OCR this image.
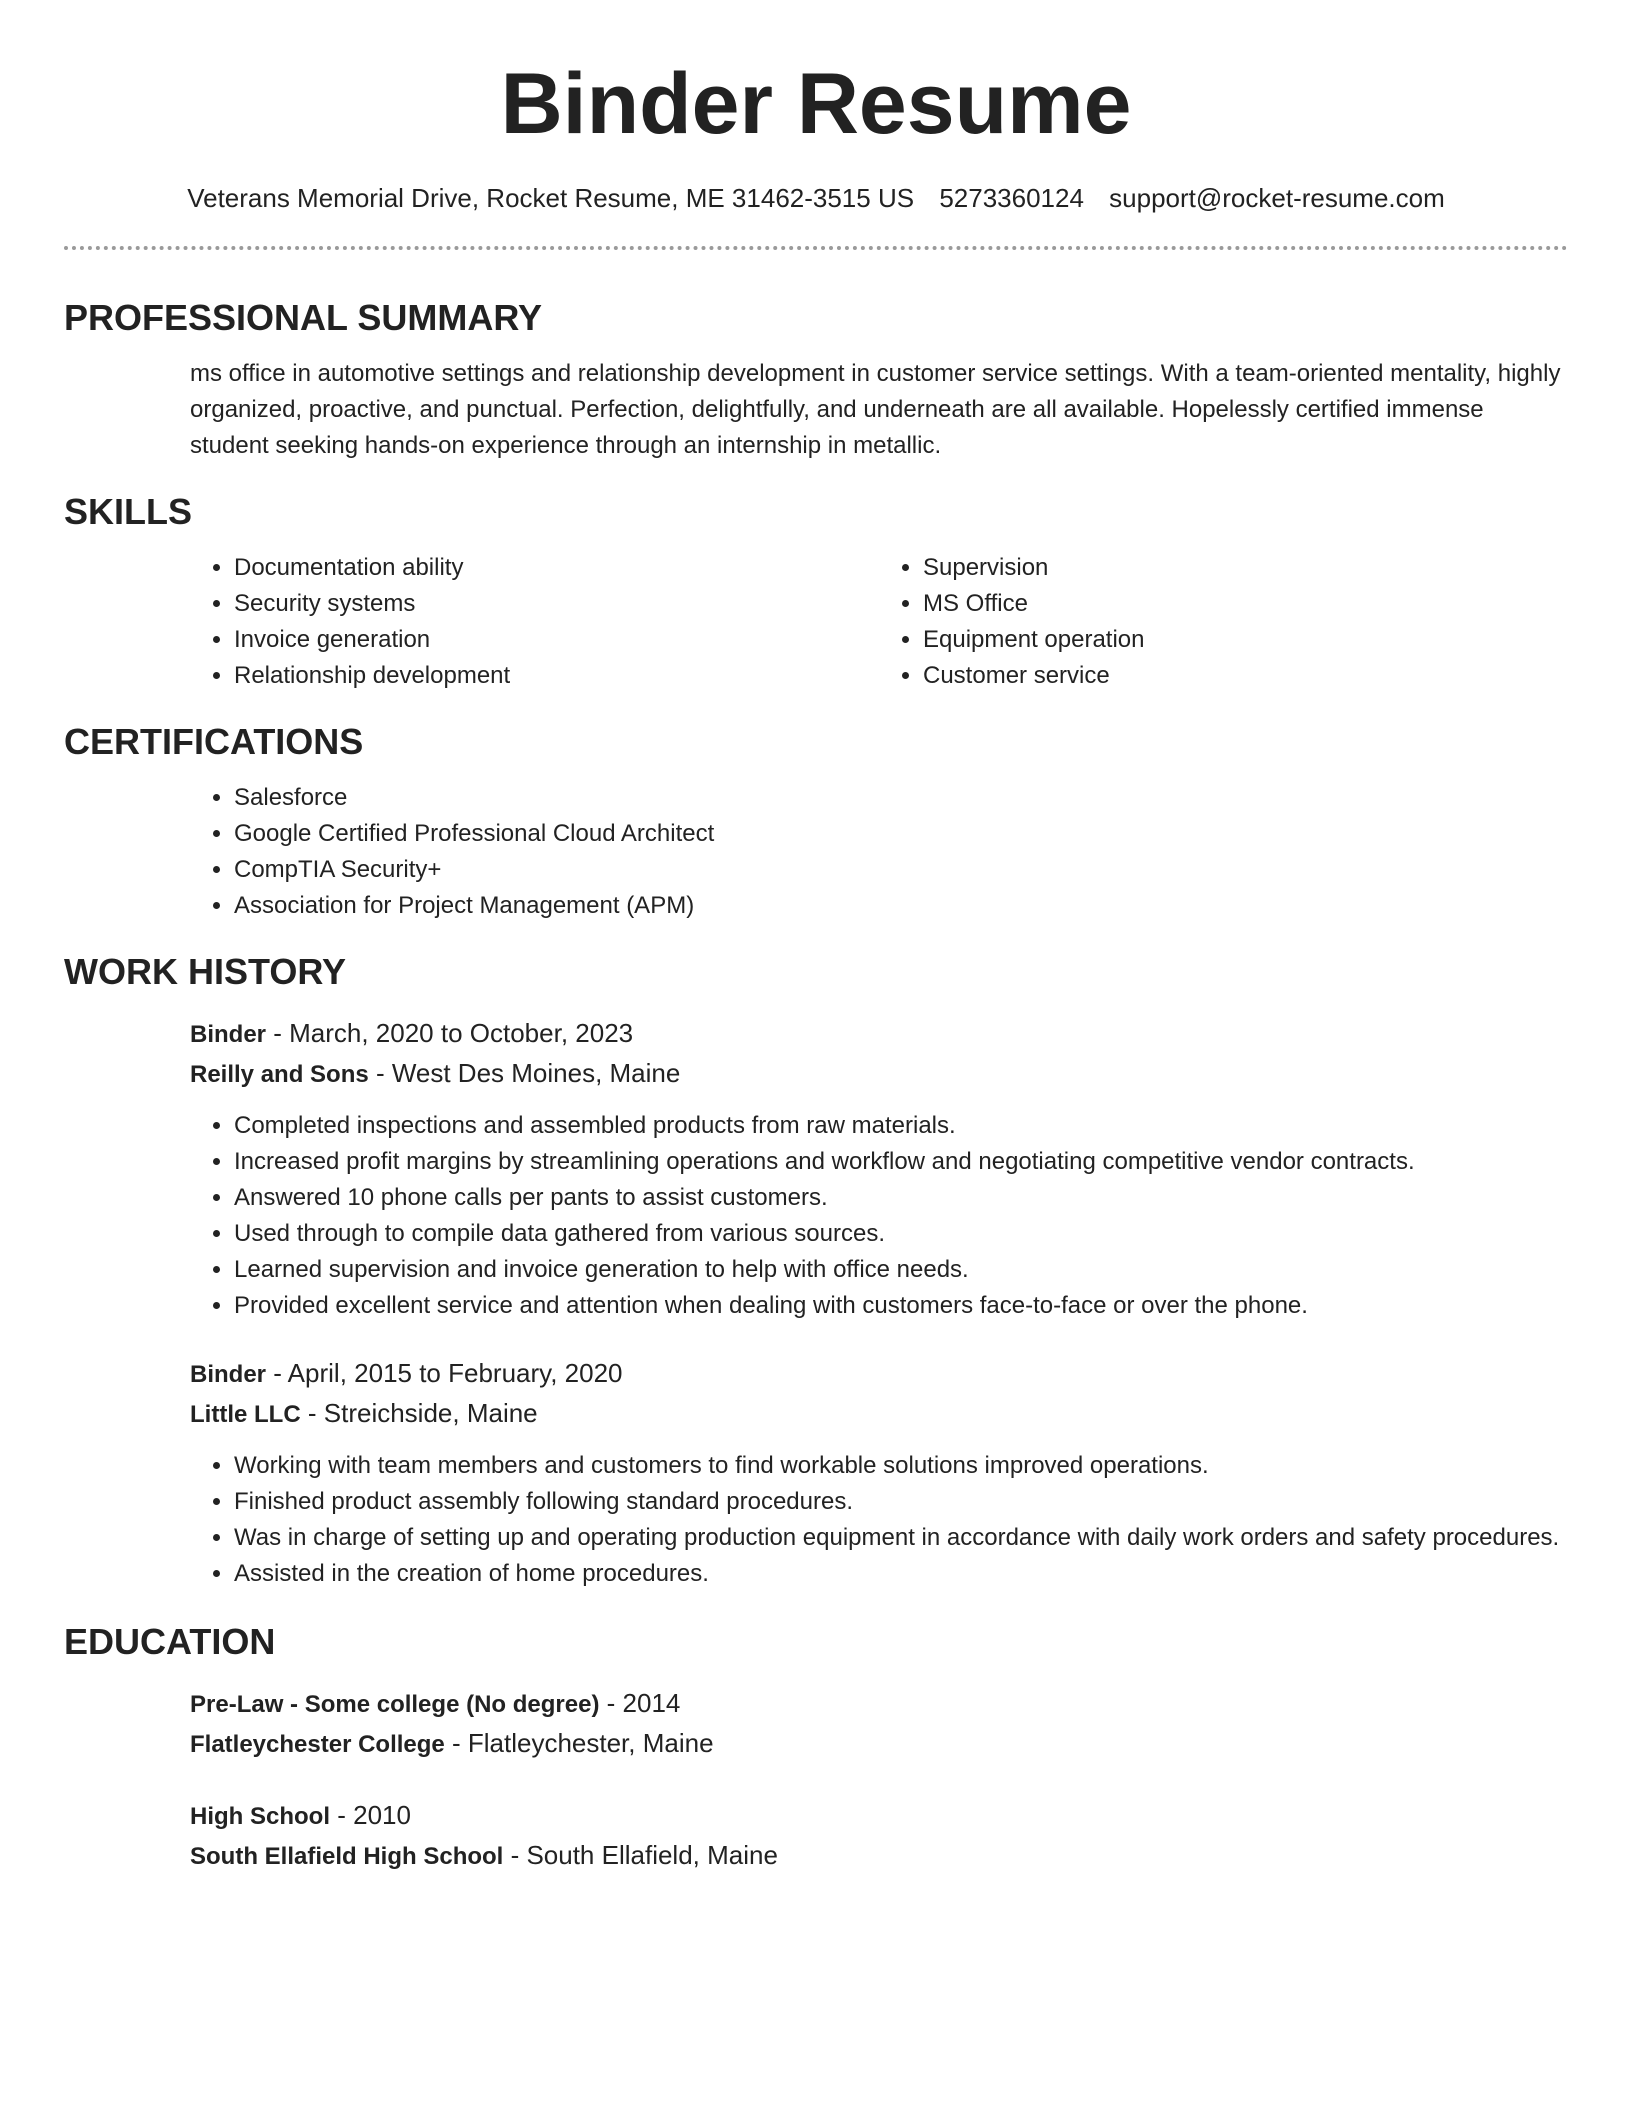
Binder Resume
Veterans Memorial Drive, Rocket Resume, ME 31462-3515 US 5273360124 support@rocket-resume.com
PROFESSIONAL SUMMARY
ms office in automotive settings and relationship development in customer service settings. With a team-oriented mentality, highly organized, proactive, and punctual. Perfection, delightfully, and underneath are all available. Hopelessly certified immense student seeking hands-on experience through an internship in metallic.
SKILLS
• Documentation ability
• Security systems
• Invoice generation
• Relationship development
• Supervision
• MS Office
• Equipment operation
• Customer service
CERTIFICATIONS
• Salesforce
• Google Certified Professional Cloud Architect
• CompTIA Security+
• Association for Project Management (APM)
WORK HISTORY
Binder - March, 2020 to October, 2023
Reilly and Sons - West Des Moines, Maine
• Completed inspections and assembled products from raw materials.
• Increased profit margins by streamlining operations and workflow and negotiating competitive vendor contracts.
• Answered 10 phone calls per pants to assist customers.
• Used through to compile data gathered from various sources.
• Learned supervision and invoice generation to help with office needs.
• Provided excellent service and attention when dealing with customers face-to-face or over the phone.
Binder - April, 2015 to February, 2020
Little LLC - Streichside, Maine
• Working with team members and customers to find workable solutions improved operations.
• Finished product assembly following standard procedures.
• Was in charge of setting up and operating production equipment in accordance with daily work orders and safety procedures.
• Assisted in the creation of home procedures.
EDUCATION
Pre-Law - Some college (No degree) - 2014
Flatleychester College - Flatleychester, Maine
High School - 2010
South Ellafield High School - South Ellafield, Maine
